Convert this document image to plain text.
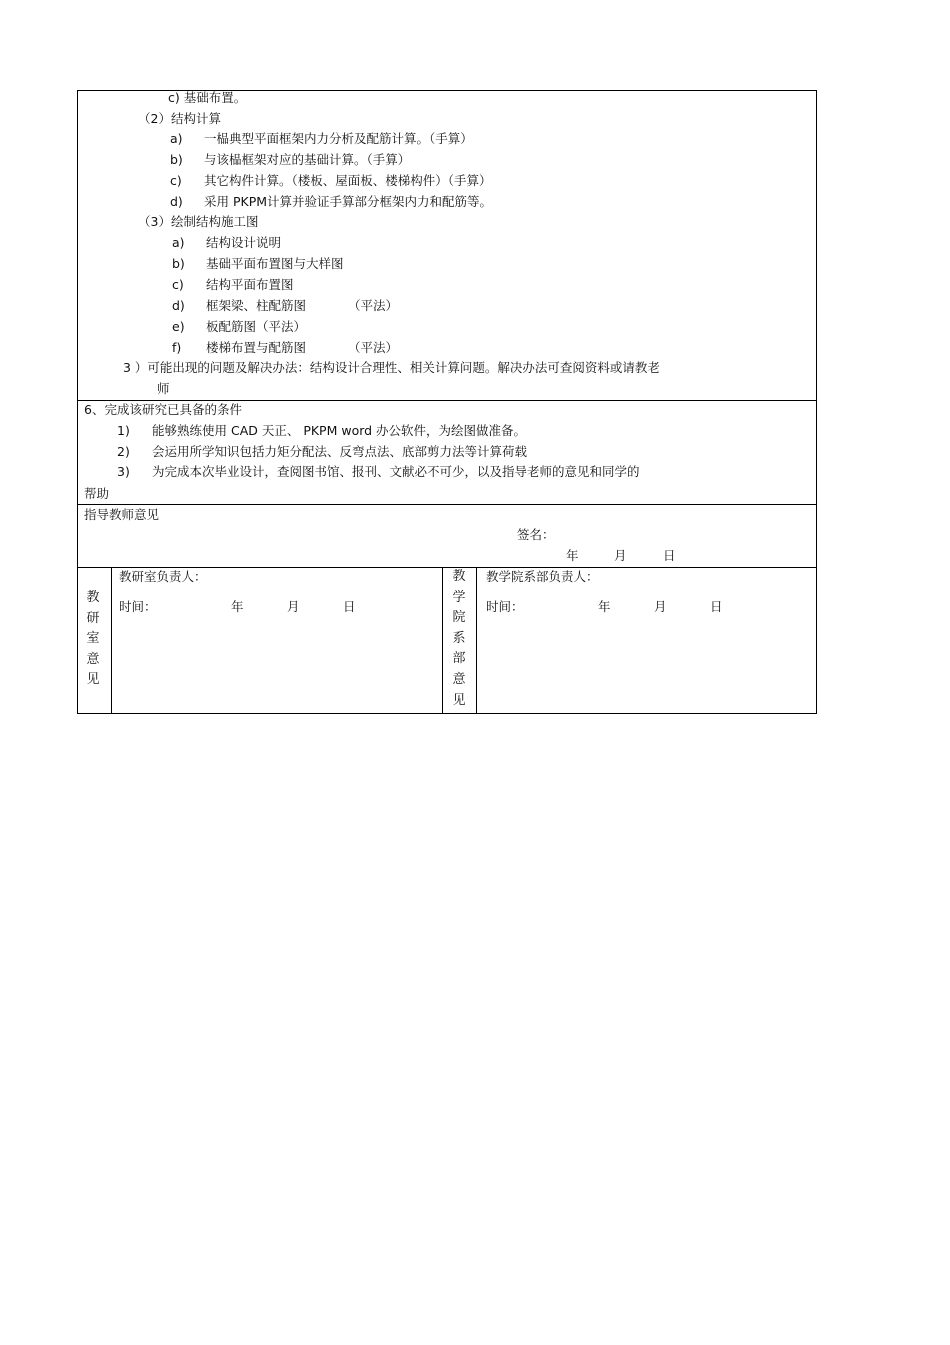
c) 基础布置。
（2）结构计算
a) 一榀典型平面框架内力分析及配筋计算。（手算）
b) 与该榀框架对应的基础计算。（手算）
c) 其它构件计算。（楼板、屋面板、楼梯构件）（手算）
d) 采用 PKPM计算并验证手算部分框架内力和配筋等。
（3）绘制结构施工图
a) 结构设计说明
b) 基础平面布置图与大样图
c) 结构平面布置图
d) 框架梁、柱配筋图	（平法）
e) 板配筋图（平法）
f) 楼梯布置与配筋图	（平法）
3 ）可能出现的问题及解决办法：结构设计合理性、相关计算问题。解决办法可查阅资料或请教老
师
6、完成该研究已具备的条件
1) 能够熟练使用 CAD 天正、 PKPM word 办公软件，为绘图做准备。
2) 会运用所学知识包括力矩分配法、反弯点法、底部剪力法等计算荷载
3) 为完成本次毕业设计，查阅图书馆、报刊、文献必不可少，以及指导老师的意见和同学的
帮助
指导教师意见
签名：
年	月	日
教
研
室
意
见
教研室负责人：
时间：	年	月	日
教
学
院
系
部
意
见
教学院系部负责人：
时间：	年	月	日
